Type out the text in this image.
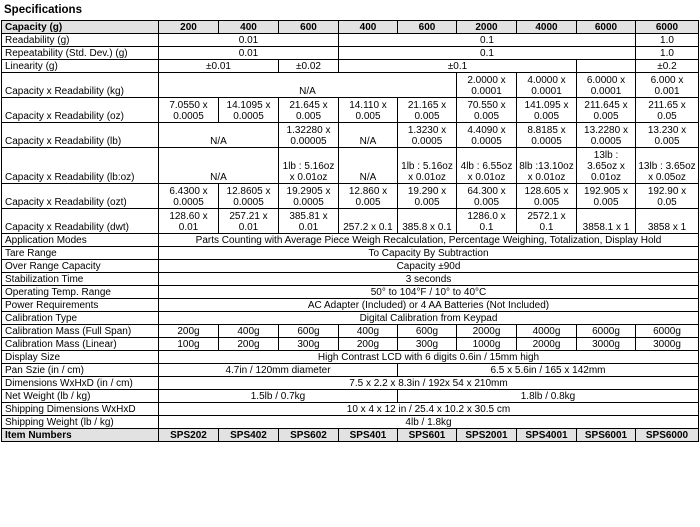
Specifications
Capacity (g)	200	400	600	400	600	2000	4000	6000	6000	
Readability (g)	0.01			0.1					1.0	
Repeatability (Std. Dev.) (g)	0.01			0.1					1.0	
Linearity (g)	±0.01		±0.02	±0.1					±0.2	
Capacity x Readability (kg)	N/A					2.0000 x 0.0001	4.0000 x 0.0001	6.0000 x 0.0001	6.000 x 0.001	
Capacity x Readability (oz)	7.0550 x 0.0005	14.1095 x 0.0005	21.645 x 0.005	14.110 x 0.005	21.165 x 0.005	70.550 x 0.005	141.095 x 0.005	211.645 x 0.005	211.65 x 0.05	
Capacity x Readability (lb)	N/A		1.32280 x 0.00005	N/A	1.3230 x 0.0005	4.4090 x 0.0005	8.8185 x 0.0005	13.2280 x 0.0005	13.230 x 0.005	
Capacity x Readability (lb:oz)	N/A		1lb : 5.16oz x 0.01oz	N/A	1lb : 5.16oz x 0.01oz	4lb : 6.55oz x 0.01oz	8lb :13.10oz x 0.01oz	13lb : 3.65oz x 0.01oz	13lb : 3.65oz x 0.05oz	
Capacity x Readability (ozt)	6.4300 x 0.0005	12.8605 x 0.0005	19.2905 x 0.0005	12.860 x 0.005	19.290 x 0.005	64.300 x 0.005	128.605 x 0.005	192.905 x 0.005	192.90 x 0.05	
Capacity x Readability (dwt)	128.60 x 0.01	257.21 x 0.01	385.81 x 0.01	257.2 x 0.1	385.8 x 0.1	1286.0 x 0.1	2572.1 x 0.1	3858.1 x 1	3858 x 1	
Application Modes	Parts Counting with Average Piece Weigh Recalculation, Percentage Weighing, Totalization, Display Hold									
Tare Range	To Capacity By Subtraction									
Over Range Capacity	Capacity ±90d									
Stabilization Time	3 seconds									
Operating Temp. Range	50° to 104°F / 10° to 40°C									
Power Requirements	AC Adapter (Included) or 4 AA Batteries (Not Included)									
Calibration Type	Digital Calibration from Keypad									
Calibration Mass (Full Span)	200g	400g	600g	400g	600g	2000g	4000g	6000g	6000g	
Calibration Mass (Linear)	100g	200g	300g	200g	300g	1000g	2000g	3000g	3000g	
Display Size	High Contrast LCD with 6 digits 0.6in / 15mm high									
Pan Szie (in / cm)	4.7in / 120mm diameter				6.5 x 5.6in / 165 x 142mm					
Dimensions WxHxD (in / cm)	7.5 x 2.2 x 8.3in / 192x 54 x 210mm									
Net Weight (lb / kg)	1.5lb / 0.7kg				1.8lb / 0.8kg					
Shipping Dimensions WxHxD	10 x 4 x 12 in / 25.4 x 10.2 x 30.5 cm									
Shipping Weight (lb / kg)	4lb / 1.8kg									
Item Numbers	SPS202	SPS402	SPS602	SPS401	SPS601	SPS2001	SPS4001	SPS6001	SPS6000	
